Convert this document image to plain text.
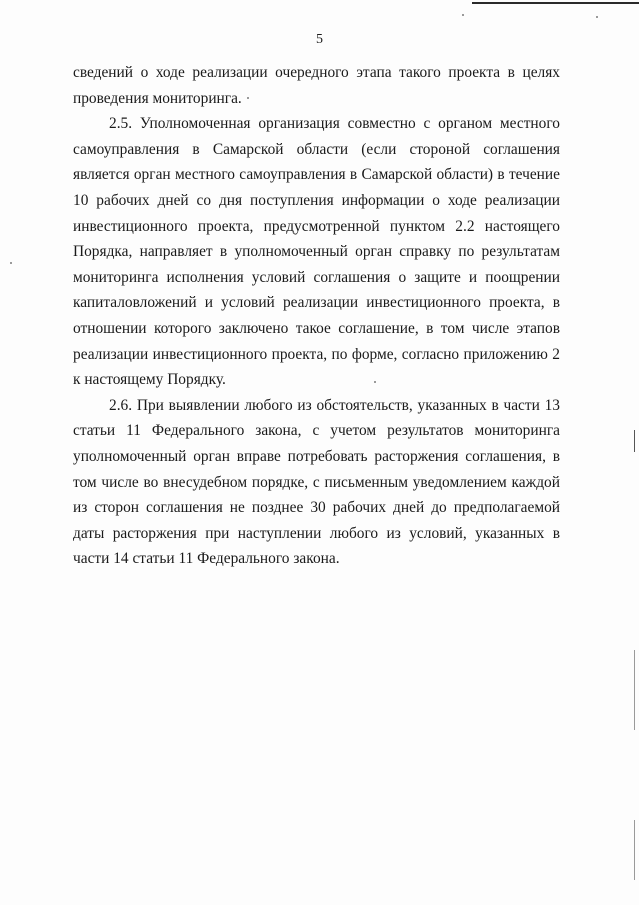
5

сведений о ходе реализации очередного этапа такого проекта в целях проведения мониторинга.

2.5. Уполномоченная организация совместно с органом местного самоуправления в Самарской области (если стороной соглашения является орган местного самоуправления в Самарской области) в течение 10 рабочих дней со дня поступления информации о ходе реализации инвестиционного проекта, предусмотренной пунктом 2.2 настоящего Порядка, направляет в уполномоченный орган справку по результатам мониторинга исполнения условий соглашения о защите и поощрении капиталовложений и условий реализации инвестиционного проекта, в отношении которого заключено такое соглашение, в том числе этапов реализации инвестиционного проекта, по форме, согласно приложению 2 к настоящему Порядку.

2.6. При выявлении любого из обстоятельств, указанных в части 13 статьи 11 Федерального закона, с учетом результатов мониторинга уполномоченный орган вправе потребовать расторжения соглашения, в том числе во внесудебном порядке, с письменным уведомлением каждой из сторон соглашения не позднее 30 рабочих дней до предполагаемой даты расторжения при наступлении любого из условий, указанных в части 14 статьи 11 Федерального закона.
